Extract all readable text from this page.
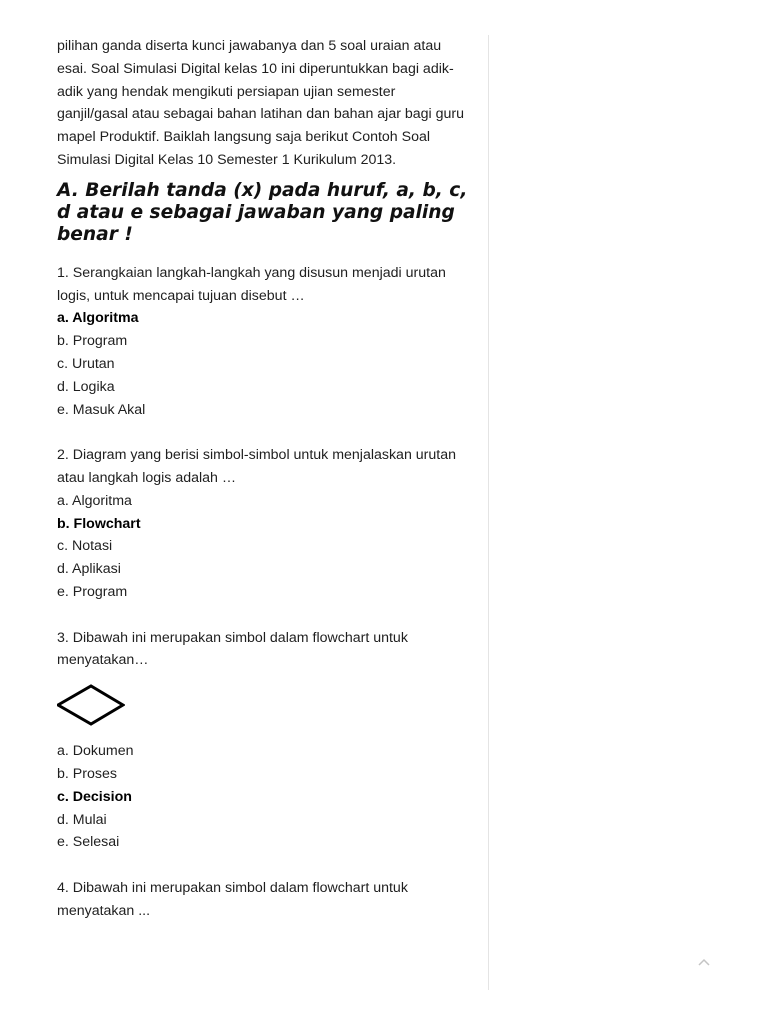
pilihan ganda diserta kunci jawabanya dan 5 soal uraian atau esai. Soal Simulasi Digital kelas 10 ini diperuntukkan bagi adik-adik yang hendak mengikuti persiapan ujian semester ganjil/gasal atau sebagai bahan latihan dan bahan ajar bagi guru mapel Produktif. Baiklah langsung saja berikut Contoh Soal Simulasi Digital Kelas 10 Semester 1 Kurikulum 2013.

A. Berilah tanda (x) pada huruf, a, b, c, d atau e sebagai jawaban yang paling benar !

1. Serangkaian langkah-langkah yang disusun menjadi urutan logis, untuk mencapai tujuan disebut …

a. Algoritma

b. Program

c. Urutan

d. Logika

e. Masuk Akal

2. Diagram yang berisi simbol-simbol untuk menjalaskan urutan atau langkah logis adalah …

a. Algoritma

b. Flowchart

c. Notasi

d. Aplikasi

e. Program

3. Dibawah ini merupakan simbol dalam flowchart untuk menyatakan…

a. Dokumen

b. Proses

c. Decision

d. Mulai

e. Selesai

4. Dibawah ini merupakan simbol dalam flowchart untuk menyatakan ...
